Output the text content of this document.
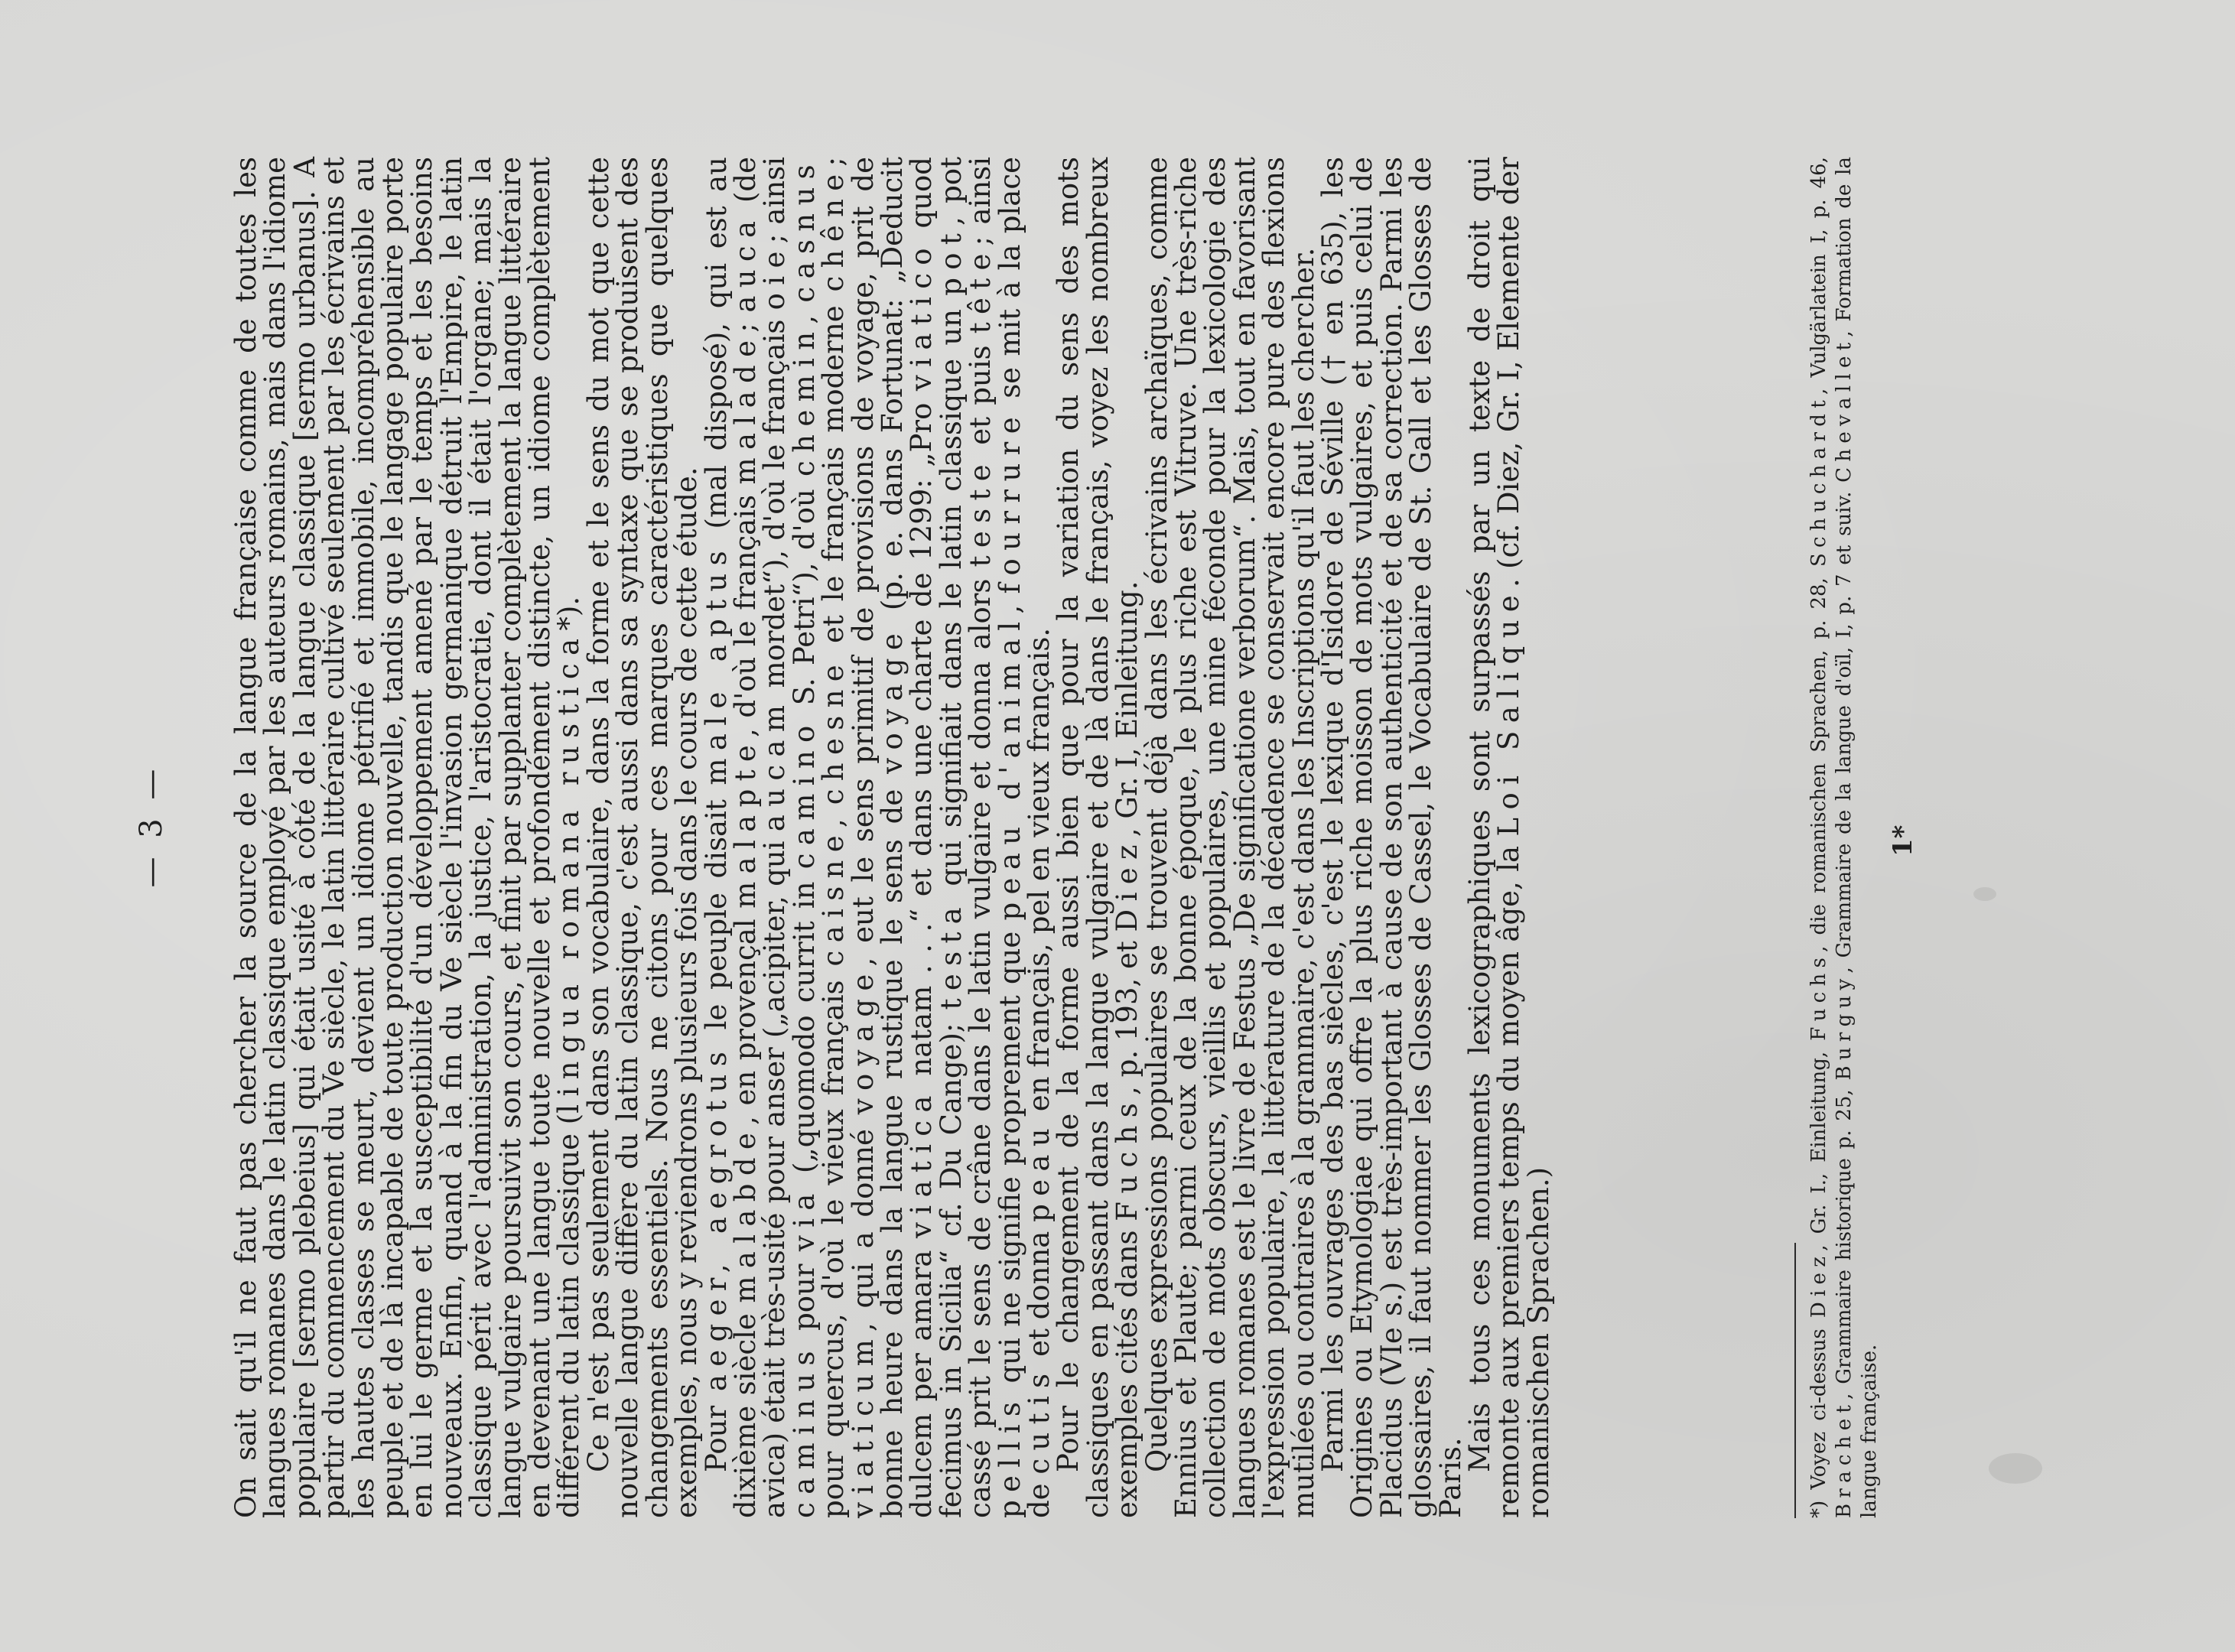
— 3 — On sait qu'il ne faut pas chercher la source de la langue française comme de toutes les langues romanes dans le latin classique employé par les auteurs romains, mais dans l'idiome populaire [sermo plebeius] qui était usité à côté de la langue classique [sermo urbanus]. A partir du commencement du Ve siècle, le latin littéraire cultivé seulement par les écrivains et les hautes classes se meurt, devient un idiome pétrifié et immobile, incompréhensible au peuple et de là incapable de toute production nouvelle, tandis que le langage populaire porte en lui le germe et la susceptibilité d'un développement amené par le temps et les besoins nouveaux. Enfin, quand à la fin du Ve siècle l'invasion germanique détruit l'Empire, le latin classique périt avec l'administration, la justice, l'aristocratie, dont il était l'organe; mais la langue vulgaire poursuivit son cours, et finit par supplanter complètement la langue littéraire en devenant une langue toute nouvelle et profondément distincte, un idiome complètement différent du latin classique (lingua romana rustica*).

Ce n'est pas seulement dans son vocabulaire, dans la forme et le sens du mot que cette nouvelle langue diffère du latin classique, c'est aussi dans sa syntaxe que se produisent des changements essentiels. Nous ne citons pour ces marques caractéristiques que quelques exemples, nous y reviendrons plusieurs fois dans le cours de cette étude.

Pour aeger, aegrotus le peuple disait male aptus (mal disposé), qui est au dixième siècle malabde, en provençal malapte, d'où le français malade; auca (de avica) était très-usité pour anser („acipiter, qui aucam mordet“), d'où le français oie; ainsi caminus pour via („quomodo currit in camino S. Petri“), d'où chemin, casnus pour quercus, d'où le vieux français caisne, chesne et le français moderne chêne; viaticum, qui a donné voyage, eut le sens primitif de provisions de voyage, prit de bonne heure dans la langue rustique le sens de voyage (p. e. dans Fortunat: „Deducit dulcem per amara viatica natam . . .“ et dans une charte de 1299: „Pro viatico quod fecimus in Sicilia“ cf. Du Cange); testa qui signifiait dans le latin classique un pot, pot cassé prit le sens de crâne dans le latin vulgaire et donna alors teste et puis tête; ainsi pellis qui ne signifie proprement que peau d'animal, fourrure se mit à la place de cutis et donna peau en français, pel en vieux français.

Pour le changement de la forme aussi bien que pour la variation du sens des mots classiques en passant dans la langue vulgaire et de là dans le français, voyez les nombreux exemples cités dans Fuchs, p. 193, et Diez, Gr. I, Einleitung.

Quelques expressions populaires se trouvent déjà dans les écrivains archaïques, comme Ennius et Plaute; parmi ceux de la bonne époque, le plus riche est Vitruve. Une très-riche collection de mots obscurs, vieillis et populaires, une mine féconde pour la lexicologie des langues romanes est le livre de Festus „De significatione verborum“. Mais, tout en favorisant l'expression populaire, la littérature de la décadence se conservait encore pure des flexions mutilées ou contraires à la grammaire, c'est dans les Inscriptions qu'il faut les chercher.

Parmi les ouvrages des bas siècles, c'est le lexique d'Isidore de Séville († en 635), les Origines ou Etymologiae qui offre la plus riche moisson de mots vulgaires, et puis celui de Placidus (VIe s.) est très-important à cause de son authenticité et de sa correction. Parmi les glossaires, il faut nommer les Glosses de Cassel, le Vocabulaire de St. Gall et les Glosses de Paris.

Mais tous ces monuments lexicographiques sont surpassés par un texte de droit qui remonte aux premiers temps du moyen âge, la Loi Salique. (cf. Diez, Gr. I, Elemente der romanischen Sprachen.)	*) Voyez ci-dessus Diez, Gr. I., Einleitung, Fuchs, die romanischen Sprachen, p. 28, Schuchardt, Vulgärlatein I, p. 46, Brachet, Grammaire historique p. 25, Burguy, Grammaire de la langue d'oïl, I, p. 7 et suiv. Chevallet, Formation de la langue française.
1*
